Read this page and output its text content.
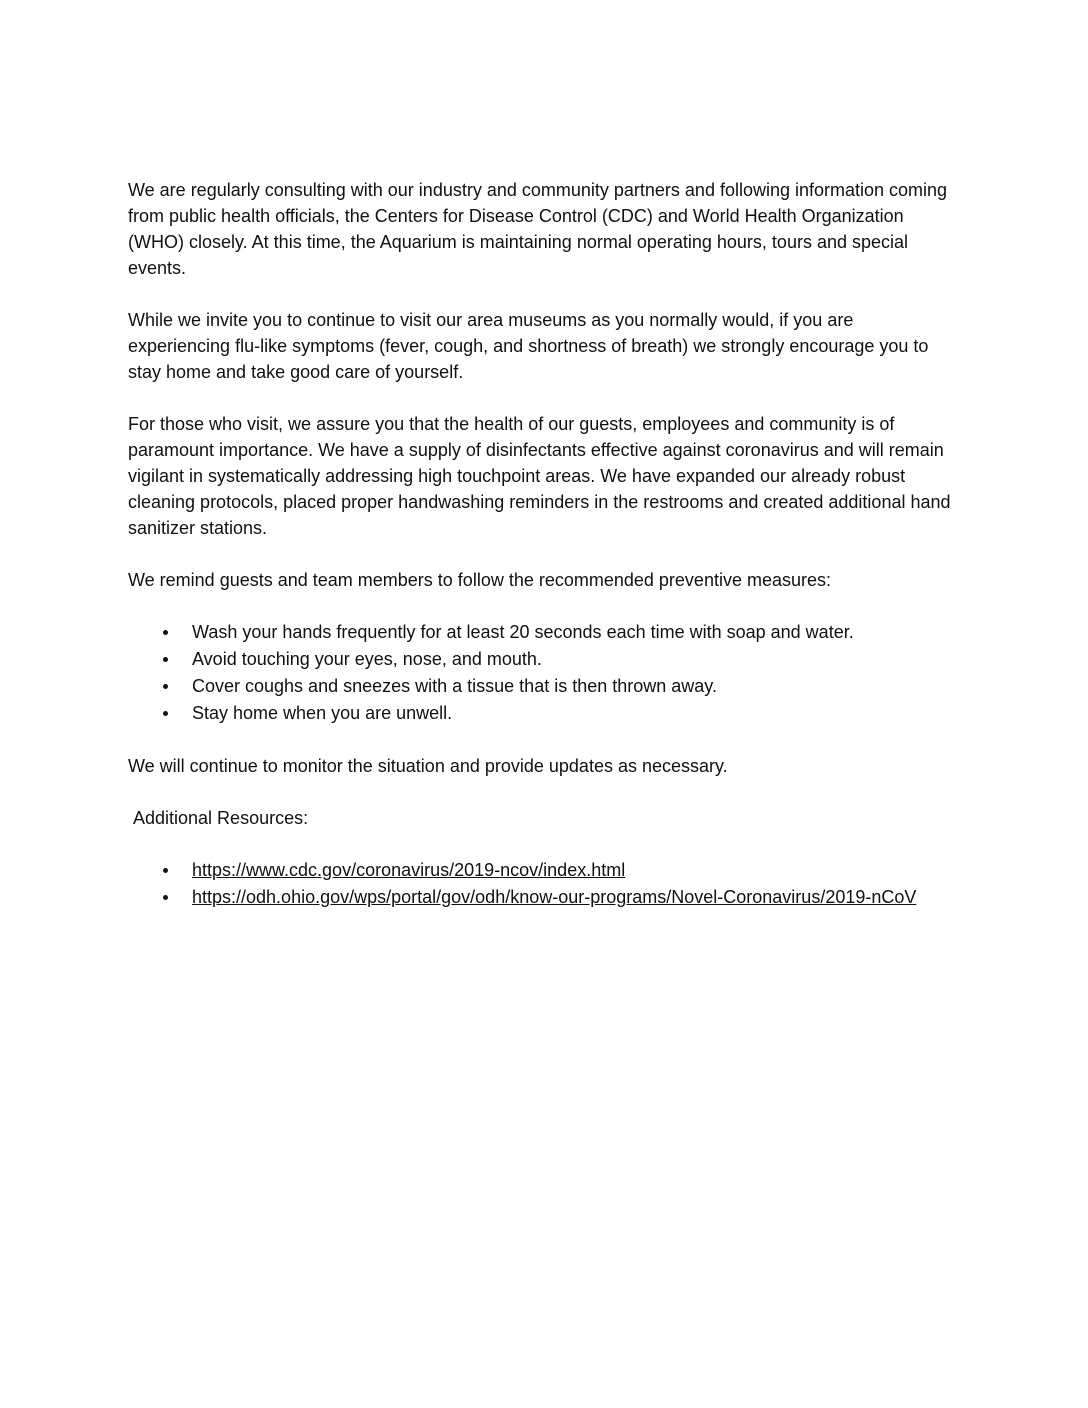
We are regularly consulting with our industry and community partners and following information coming from public health officials, the Centers for Disease Control (CDC) and World Health Organization (WHO) closely. At this time, the Aquarium is maintaining normal operating hours, tours and special events.

While we invite you to continue to visit our area museums as you normally would, if you are experiencing flu-like symptoms (fever, cough, and shortness of breath) we strongly encourage you to stay home and take good care of yourself.

For those who visit, we assure you that the health of our guests, employees and community is of paramount importance. We have a supply of disinfectants effective against coronavirus and will remain vigilant in systematically addressing high touchpoint areas. We have expanded our already robust cleaning protocols, placed proper handwashing reminders in the restrooms and created additional hand sanitizer stations.

We remind guests and team members to follow the recommended preventive measures:

Wash your hands frequently for at least 20 seconds each time with soap and water.
Avoid touching your eyes, nose, and mouth.
Cover coughs and sneezes with a tissue that is then thrown away.
Stay home when you are unwell.

We will continue to monitor the situation and provide updates as necessary.

Additional Resources:

https://www.cdc.gov/coronavirus/2019-ncov/index.html
https://odh.ohio.gov/wps/portal/gov/odh/know-our-programs/Novel-Coronavirus/2019-nCoV
